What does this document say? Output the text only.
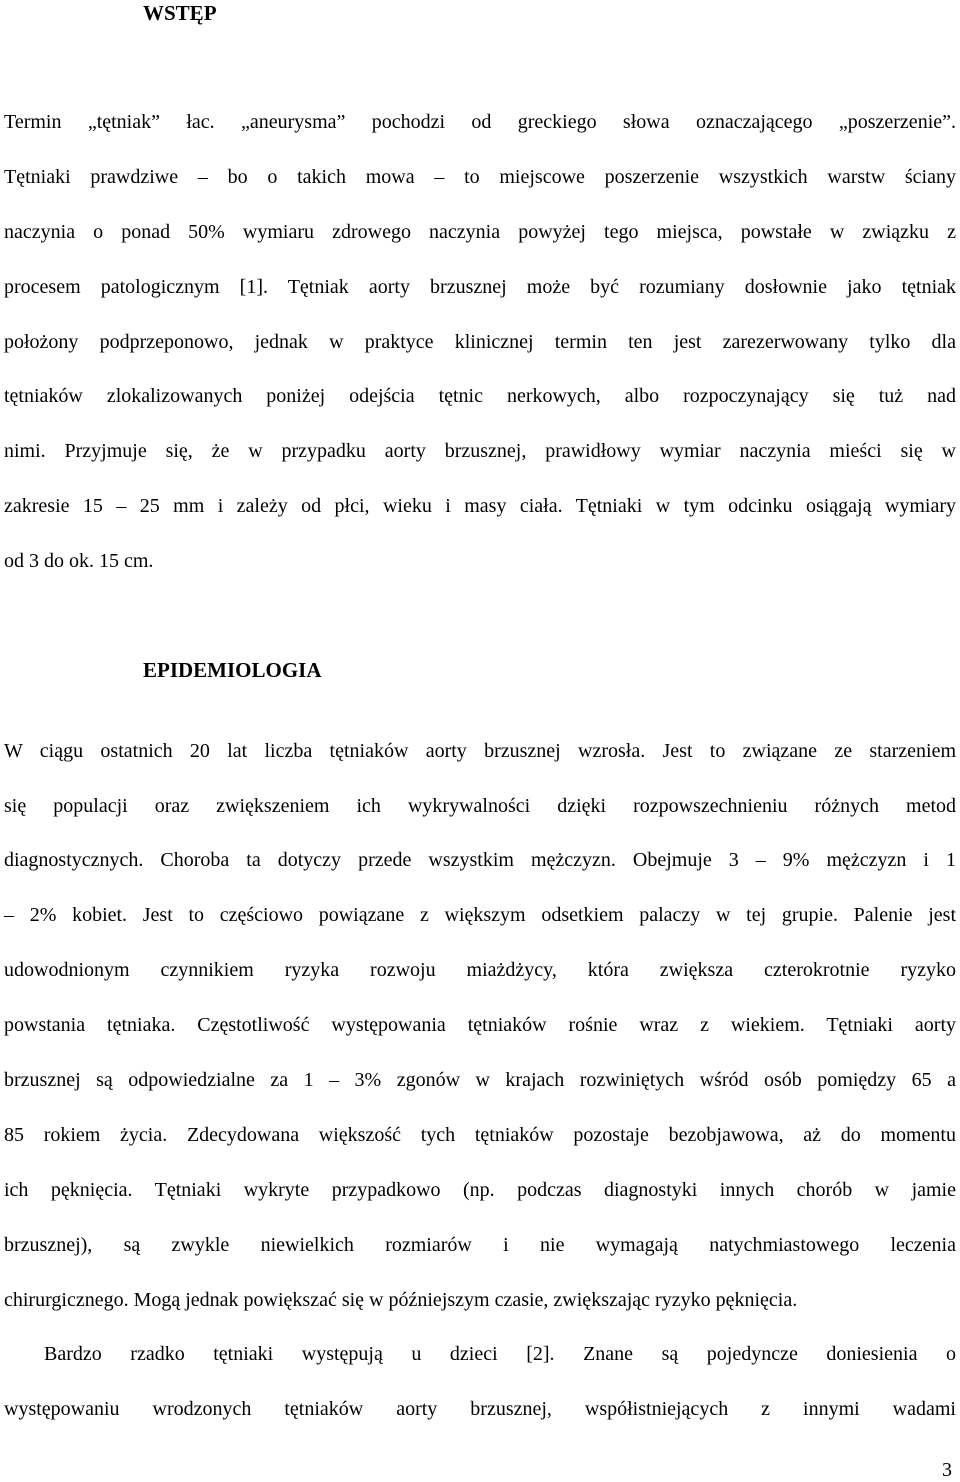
WSTĘP

Termin „tętniak” łac. „aneurysma” pochodzi od greckiego słowa oznaczającego „poszerzenie”.

Tętniaki prawdziwe – bo o takich mowa – to miejscowe poszerzenie wszystkich warstw ściany

naczynia o ponad 50% wymiaru zdrowego naczynia powyżej tego miejsca, powstałe w związku z

procesem patologicznym [1]. Tętniak aorty brzusznej może być rozumiany dosłownie jako tętniak

położony podprzeponowo, jednak w praktyce klinicznej termin ten jest zarezerwowany tylko dla

tętniaków zlokalizowanych poniżej odejścia tętnic nerkowych, albo rozpoczynający się tuż nad

nimi. Przyjmuje się, że w przypadku aorty brzusznej, prawidłowy wymiar naczynia mieści się w

zakresie 15 – 25 mm i zależy od płci, wieku i masy ciała. Tętniaki w tym odcinku osiągają wymiary

od 3 do ok. 15 cm.

EPIDEMIOLOGIA

W ciągu ostatnich 20 lat liczba tętniaków aorty brzusznej wzrosła. Jest to związane ze starzeniem

się populacji oraz zwiększeniem ich wykrywalności dzięki rozpowszechnieniu różnych metod

diagnostycznych. Choroba ta dotyczy przede wszystkim mężczyzn. Obejmuje 3 – 9% mężczyzn i 1

– 2% kobiet. Jest to częściowo powiązane z większym odsetkiem palaczy w tej grupie. Palenie jest

udowodnionym czynnikiem ryzyka rozwoju miażdżycy, która zwiększa czterokrotnie ryzyko

powstania tętniaka. Częstotliwość występowania tętniaków rośnie wraz z wiekiem. Tętniaki aorty

brzusznej są odpowiedzialne za 1 – 3% zgonów w krajach rozwiniętych wśród osób pomiędzy 65 a

85 rokiem życia. Zdecydowana większość tych tętniaków pozostaje bezobjawowa, aż do momentu

ich pęknięcia. Tętniaki wykryte przypadkowo (np. podczas diagnostyki innych chorób w jamie

brzusznej), są zwykle niewielkich rozmiarów i nie wymagają natychmiastowego leczenia

chirurgicznego. Mogą jednak powiększać się w późniejszym czasie, zwiększając ryzyko pęknięcia.

Bardzo rzadko tętniaki występują u dzieci [2]. Znane są pojedyncze doniesienia o

występowaniu wrodzonych tętniaków aorty brzusznej, współistniejących z innymi wadami

3
